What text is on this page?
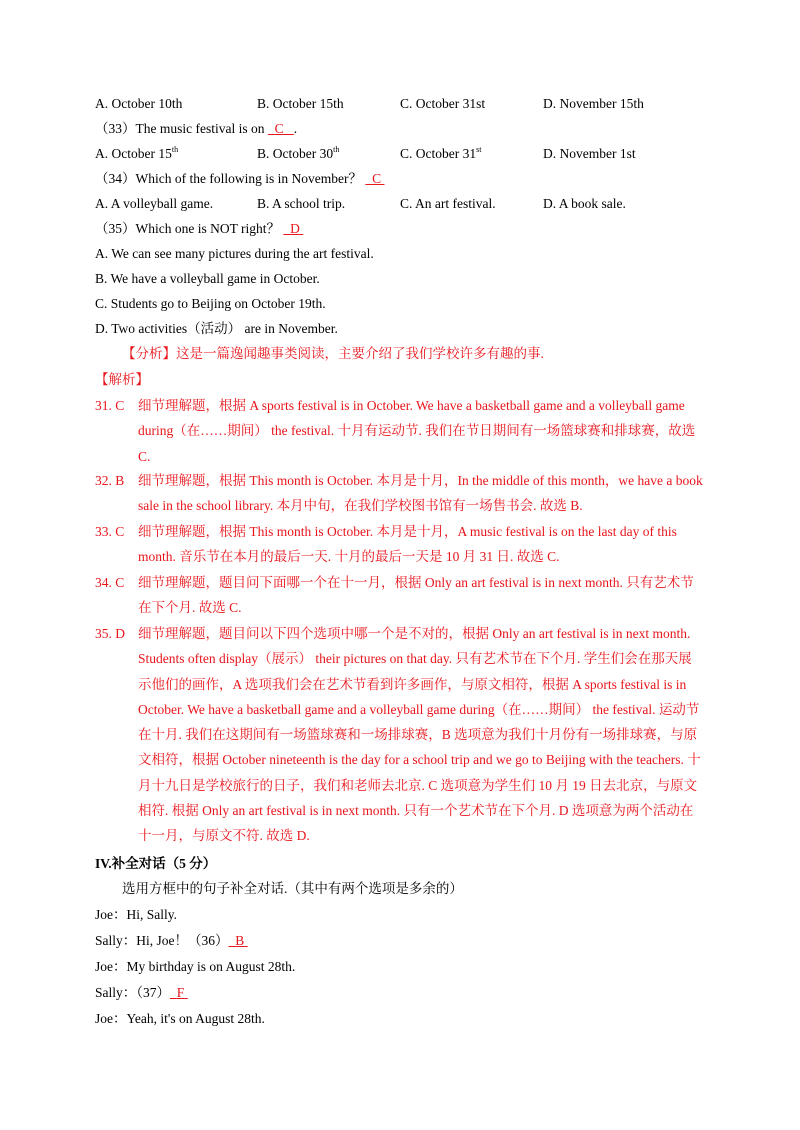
A. October 10th	B. October 15th	C. October 31st	D. November 15th
（33）The music festival is on   C .
A. October 15th	B. October 30th	C. October 31st	D. November 1st
（34）Which of the following is in November？   C
A. A volleyball game.	B. A school trip.	C. An art festival.	D. A book sale.
（35）Which one is NOT right？   D
A. We can see many pictures during the art festival.
B. We have a volleyball game in October.
C. Students go to Beijing on October 19th.
D. Two activities（活动） are in November.
【分析】这是一篇逸闻趣事类阅读，主要介绍了我们学校许多有趣的事.
【解析】
31. C 细节理解题，根据 A sports festival is in October. We have a basketball game and a volleyball game during（在……期间） the festival. 十月有运动节. 我们在节日期间有一场篮球赛和排球赛，故选 C.
32. B 细节理解题，根据 This month is October. 本月是十月，In the middle of this month，we have a book sale in the school library. 本月中旬，在我们学校图书馆有一场售书会. 故选 B.
33. C 细节理解题，根据 This month is October. 本月是十月，A music festival is on the last day of this month. 音乐节在本月的最后一天. 十月的最后一天是 10 月 31 日. 故选 C.
34. C 细节理解题，题目问下面哪一个在十一月，根据 Only an art festival is in next month. 只有艺术节在下个月. 故选 C.
35. D 细节理解题，题目问以下四个选项中哪一个是不对的，根据 Only an art festival is in next month. Students often display（展示） their pictures on that day. 只有艺术节在下个月. 学生们会在那天展示他们的画作，A 选项我们会在艺术节看到许多画作，与原文相符，根据 A sports festival is in October. We have a basketball game and a volleyball game during（在……期间） the festival. 运动节在十月. 我们在这期间有一场篮球赛和一场排球赛，B 选项意为我们十月份有一场排球赛，与原文相符，根据 October nineteenth is the day for a school trip and we go to Beijing with the teachers. 十月十九日是学校旅行的日子，我们和老师去北京. C 选项意为学生们 10 月 19 日去北京，与原文相符. 根据 Only an art festival is in next month. 只有一个艺术节在下个月. D 选项意为两个活动在十一月，与原文不符. 故选 D.
IV.补全对话（5 分）
选用方框中的句子补全对话.（其中有两个选项是多余的）
Joe：Hi, Sally.
Sally：Hi, Joe！（36） B
Joe：My birthday is on August 28th.
Sally：（37） F
Joe：Yeah, it's on August 28th.
